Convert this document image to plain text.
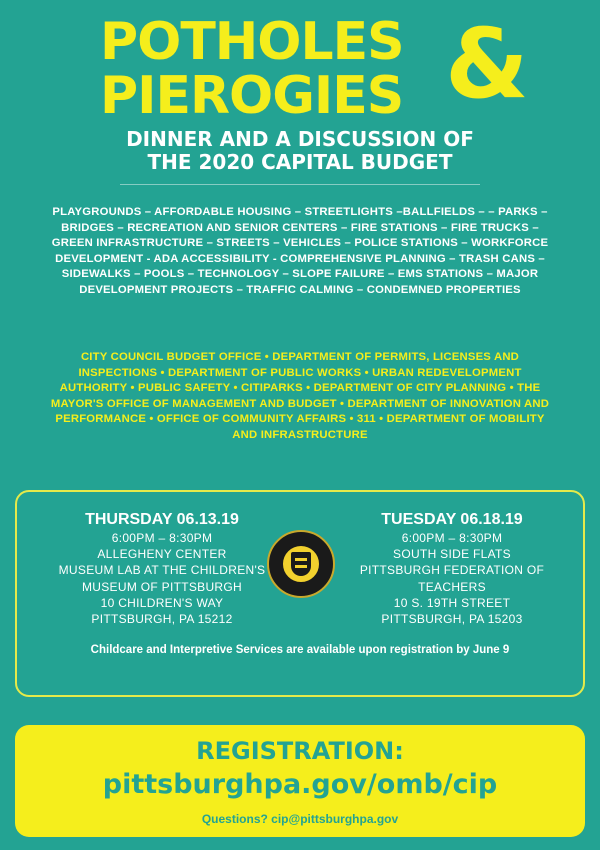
POTHOLES
PIEROGIES &
DINNER AND A DISCUSSION OF
THE 2020 CAPITAL BUDGET
PLAYGROUNDS – AFFORDABLE HOUSING – STREETLIGHTS –BALLFIELDS – – PARKS – BRIDGES – RECREATION AND SENIOR CENTERS – FIRE STATIONS – FIRE TRUCKS – GREEN INFRASTRUCTURE – STREETS – VEHICLES – POLICE STATIONS – WORKFORCE DEVELOPMENT - ADA ACCESSIBILITY - COMPREHENSIVE PLANNING – TRASH CANS – SIDEWALKS – POOLS – TECHNOLOGY – SLOPE FAILURE – EMS STATIONS – MAJOR DEVELOPMENT PROJECTS – TRAFFIC CALMING – CONDEMNED PROPERTIES
CITY COUNCIL BUDGET OFFICE • DEPARTMENT OF PERMITS, LICENSES AND INSPECTIONS • DEPARTMENT OF PUBLIC WORKS • URBAN REDEVELOPMENT AUTHORITY • PUBLIC SAFETY • CITIPARKS • DEPARTMENT OF CITY PLANNING • THE MAYOR'S OFFICE OF MANAGEMENT AND BUDGET • DEPARTMENT OF INNOVATION AND PERFORMANCE • OFFICE OF COMMUNITY AFFAIRS • 311 • DEPARTMENT OF MOBILITY AND INFRASTRUCTURE
THURSDAY 06.13.19
6:00PM – 8:30PM
ALLEGHENY CENTER
MUSEUM LAB AT THE CHILDREN'S
MUSEUM OF PITTSBURGH
10 CHILDREN'S WAY
PITTSBURGH, PA 15212
TUESDAY 06.18.19
6:00PM – 8:30PM
SOUTH SIDE FLATS
PITTSBURGH FEDERATION OF
TEACHERS
10 S. 19TH STREET
PITTSBURGH, PA 15203
Childcare and Interpretive Services are available upon registration by June 9
REGISTRATION:
pittsburghpa.gov/omb/cip
Questions? cip@pittsburghpa.gov
